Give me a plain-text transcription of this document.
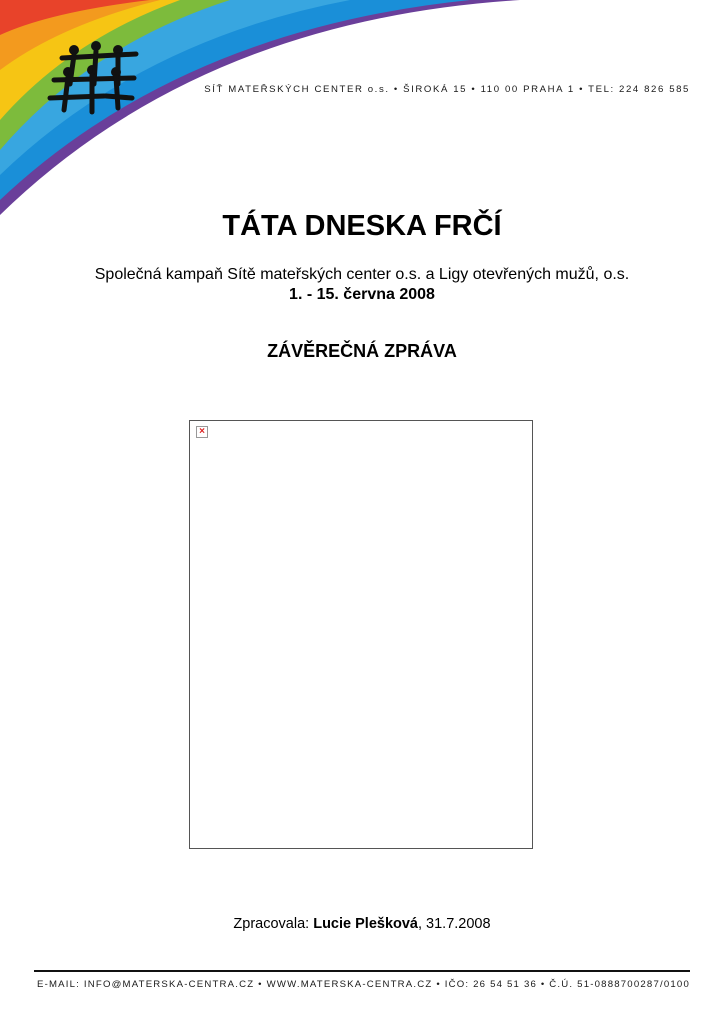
SÍŤ MATEŘSKÝCH CENTER o.s. • ŠIROKÁ 15 • 110 00 PRAHA 1 • TEL: 224 826 585
TÁTA DNESKA FRČÍ
Společná kampaň Sítě mateřských center o.s. a Ligy otevřených mužů, o.s.
1. - 15. června 2008
ZÁVĚREČNÁ ZPRÁVA
×
Zpracovala: Lucie Plešková, 31.7.2008
E-MAIL: INFO@MATERSKA-CENTRA.CZ • WWW.MATERSKA-CENTRA.CZ • IČO: 26 54 51 36 • Č.Ú. 51-0888700287/0100
